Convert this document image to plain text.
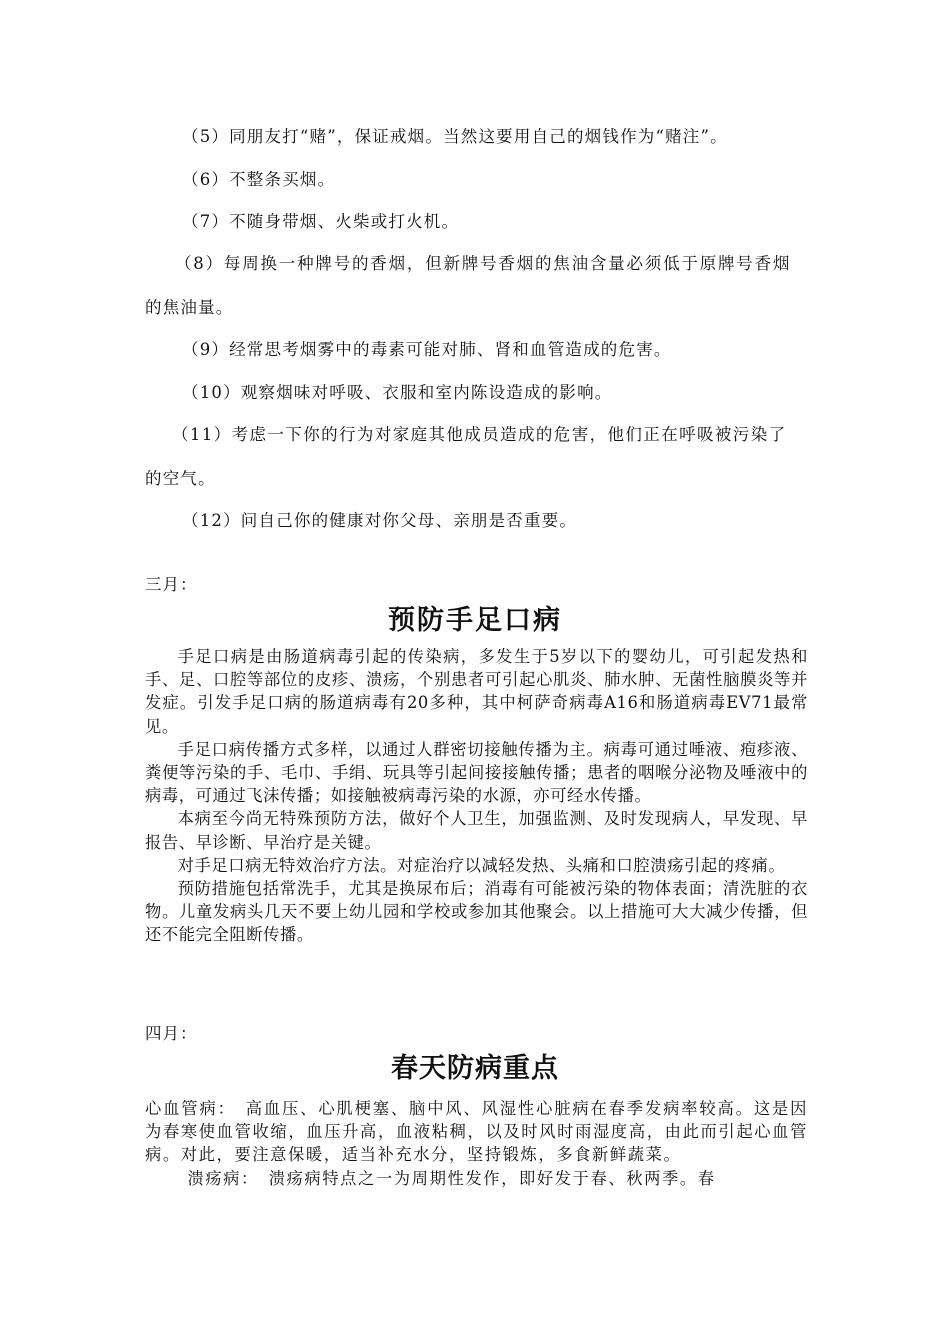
（5）同朋友打“赌”，保证戒烟。当然这要用自己的烟钱作为“赌注”。
（6）不整条买烟。
（7）不随身带烟、火柴或打火机。
（8）每周换一种牌号的香烟，但新牌号香烟的焦油含量必须低于原牌号香烟
的焦油量。
（9）经常思考烟雾中的毒素可能对肺、肾和血管造成的危害。
（10）观察烟味对呼吸、衣服和室内陈设造成的影响。
（11）考虑一下你的行为对家庭其他成员造成的危害，他们正在呼吸被污染了
的空气。
（12）问自己你的健康对你父母、亲朋是否重要。
三月：
预防手足口病

手足口病是由肠道病毒引起的传染病，多发生于5岁以下的婴幼儿，可引起发热和手、足、口腔等部位的皮疹、溃疡，个别患者可引起心肌炎、肺水肿、无菌性脑膜炎等并发症。引发手足口病的肠道病毒有20多种，其中柯萨奇病毒A16和肠道病毒EV71最常见。

手足口病传播方式多样，以通过人群密切接触传播为主。病毒可通过唾液、疱疹液、粪便等污染的手、毛巾、手绢、玩具等引起间接接触传播；患者的咽喉分泌物及唾液中的病毒，可通过飞沫传播；如接触被病毒污染的水源，亦可经水传播。

本病至今尚无特殊预防方法，做好个人卫生，加强监测、及时发现病人，早发现、早报告、早诊断、早治疗是关键。

对手足口病无特效治疗方法。对症治疗以减轻发热、头痛和口腔溃疡引起的疼痛。

预防措施包括常洗手，尤其是换尿布后；消毒有可能被污染的物体表面；清洗脏的衣物。儿童发病头几天不要上幼儿园和学校或参加其他聚会。以上措施可大大减少传播，但还不能完全阻断传播。

四月：
春天防病重点

心血管病：　高血压、心肌梗塞、脑中风、风湿性心脏病在春季发病率较高。这是因为春寒使血管收缩，血压升高，血液粘稠，以及时风时雨湿度高，由此而引起心血管病。对此，要注意保暖，适当补充水分，坚持锻炼，多食新鲜蔬菜。

溃疡病：　溃疡病特点之一为周期性发作，即好发于春、秋两季。春
